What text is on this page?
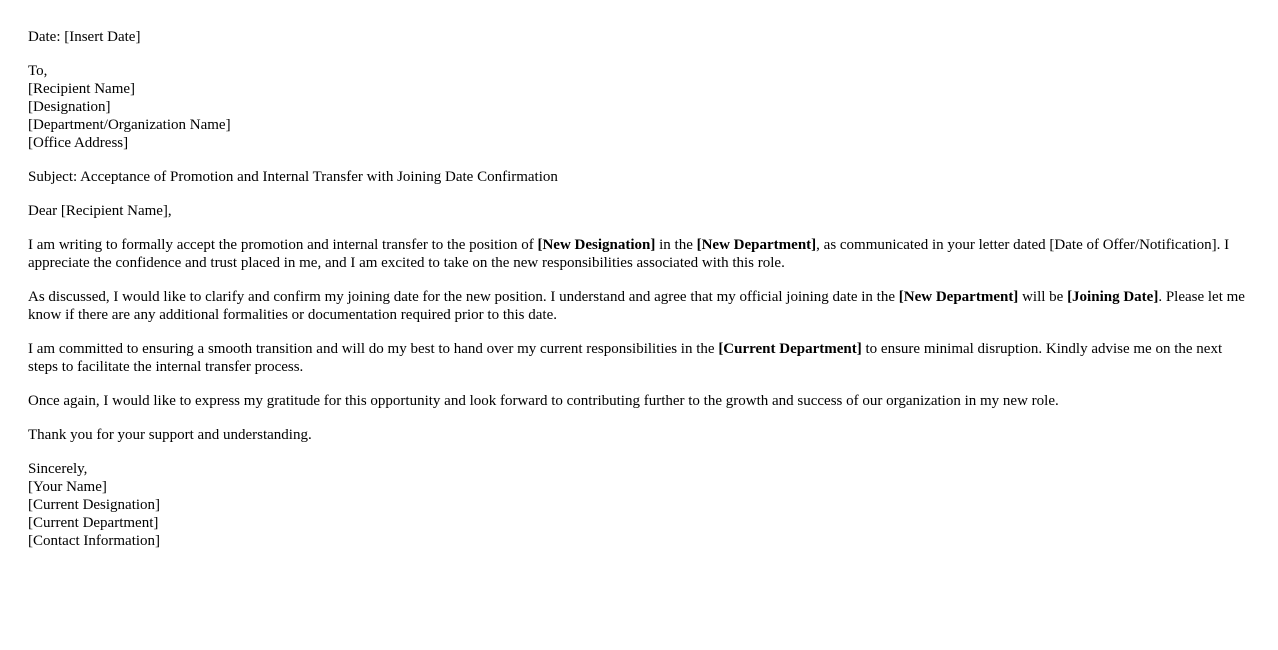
Date: [Insert Date]
To,
[Recipient Name]
[Designation]
[Department/Organization Name]
[Office Address]
Subject: Acceptance of Promotion and Internal Transfer with Joining Date Confirmation
Dear [Recipient Name],

I am writing to formally accept the promotion and internal transfer to the position of [New Designation] in the [New Department], as communicated in your letter dated [Date of Offer/Notification]. I appreciate the confidence and trust placed in me, and I am excited to take on the new responsibilities associated with this role.

As discussed, I would like to clarify and confirm my joining date for the new position. I understand and agree that my official joining date in the [New Department] will be [Joining Date]. Please let me know if there are any additional formalities or documentation required prior to this date.

I am committed to ensuring a smooth transition and will do my best to hand over my current responsibilities in the [Current Department] to ensure minimal disruption. Kindly advise me on the next steps to facilitate the internal transfer process.

Once again, I would like to express my gratitude for this opportunity and look forward to contributing further to the growth and success of our organization in my new role.

Thank you for your support and understanding.

Sincerely,
[Your Name]
[Current Designation]
[Current Department]
[Contact Information]
